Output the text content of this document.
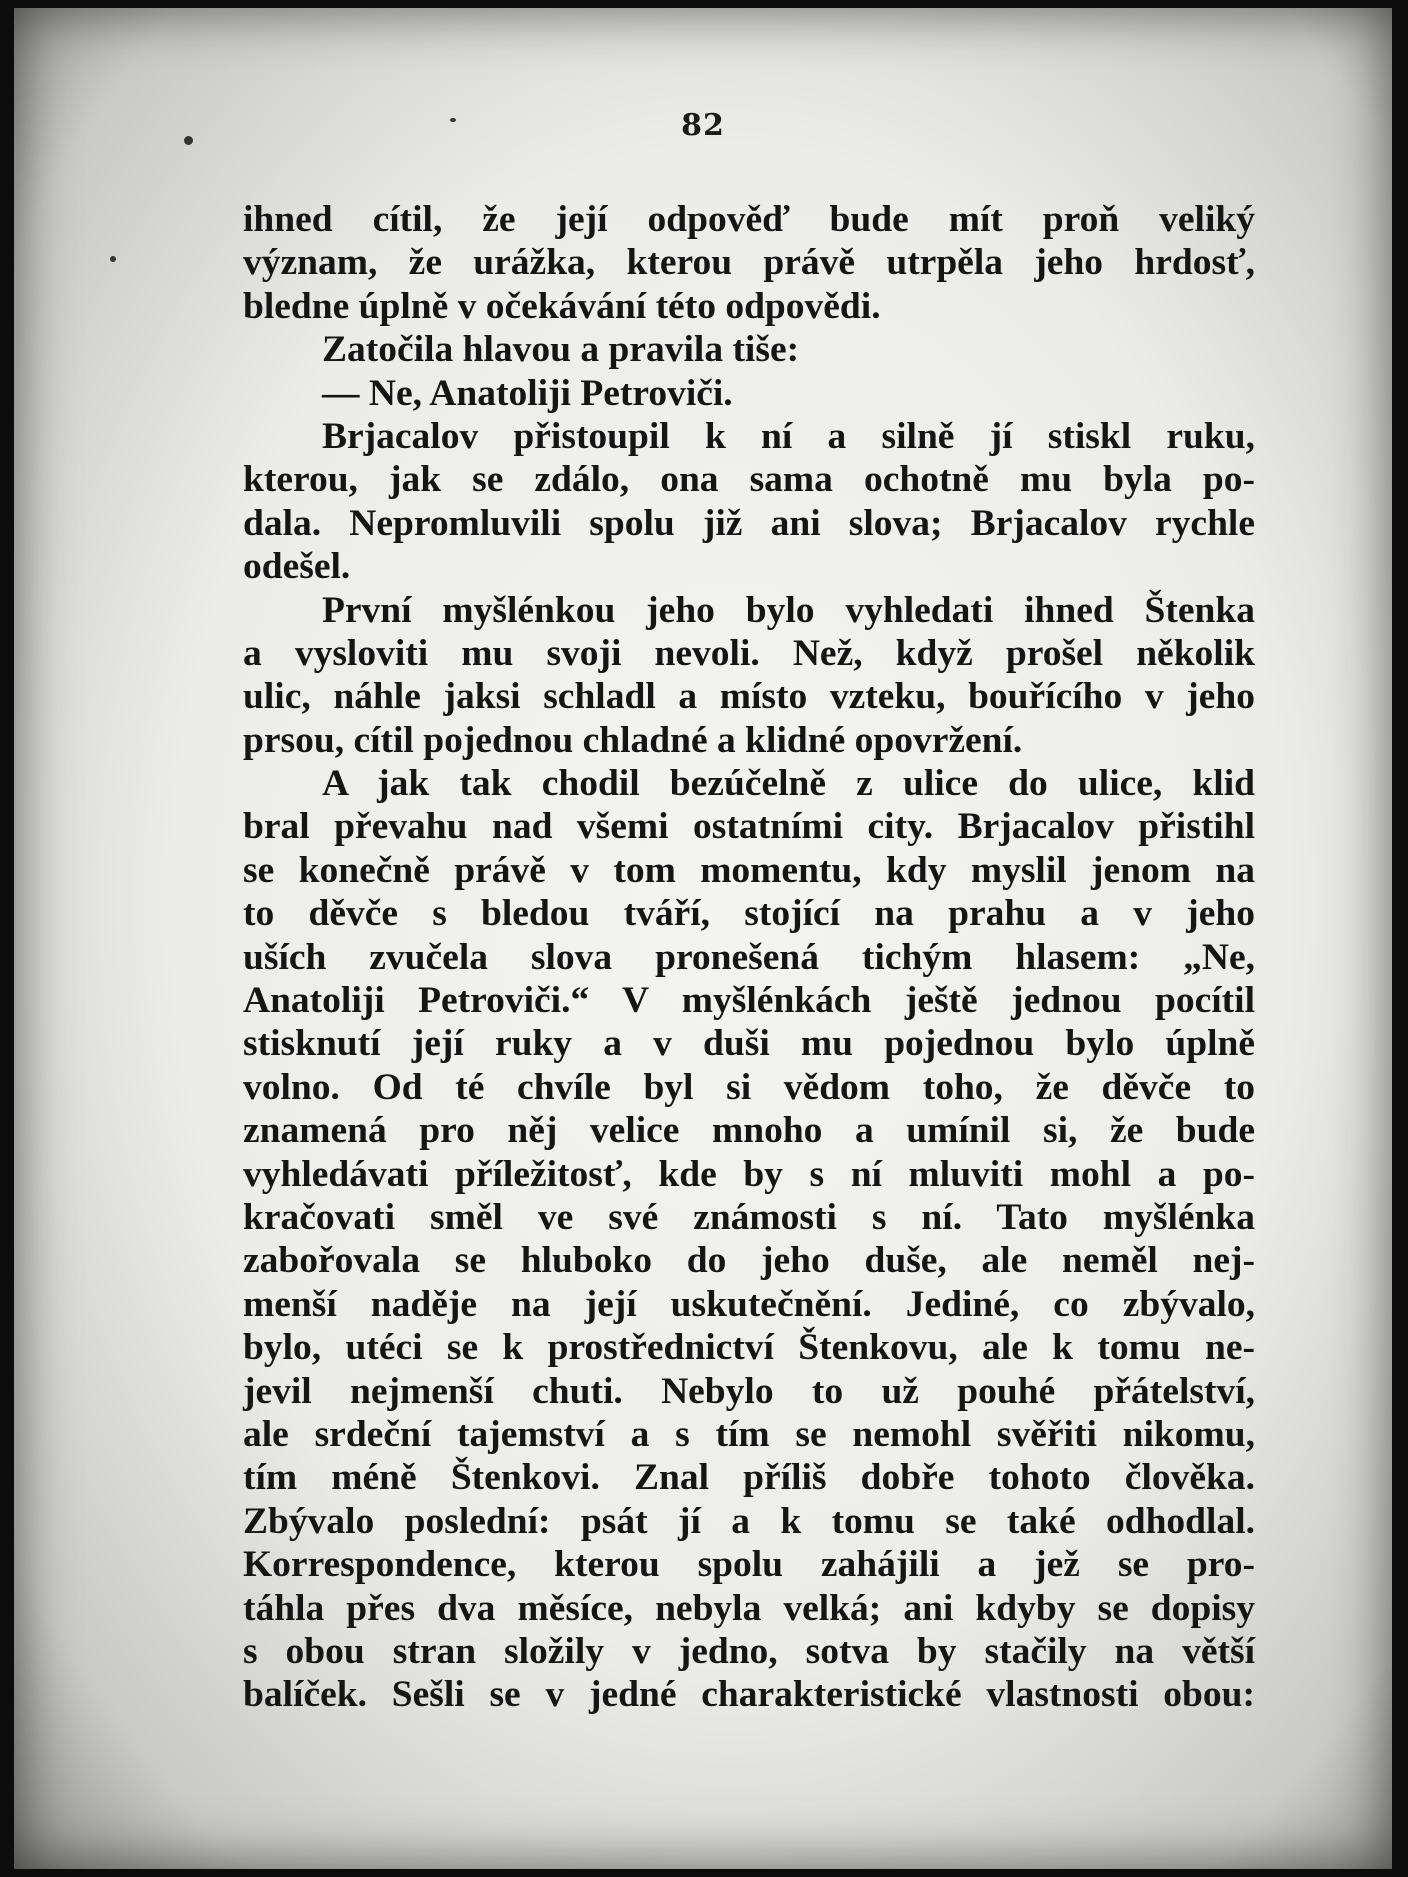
82
ihned cítil, že její odpověď bude mít proň veliký
význam, že urážka, kterou právě utrpěla jeho hrdosť,
bledne úplně v očekávání této odpovědi.
Zatočila hlavou a pravila tiše:
— Ne, Anatoliji Petroviči.
Brjacalov přistoupil k ní a silně jí stiskl ruku,
kterou, jak se zdálo, ona sama ochotně mu byla po-
dala. Nepromluvili spolu již ani slova; Brjacalov rychle
odešel.
První myšlénkou jeho bylo vyhledati ihned Štenka
a vysloviti mu svoji nevoli. Než, když prošel několik
ulic, náhle jaksi schladl a místo vzteku, bouřícího v jeho
prsou, cítil pojednou chladné a klidné opovržení.
A jak tak chodil bezúčelně z ulice do ulice, klid
bral převahu nad všemi ostatními city. Brjacalov přistihl
se konečně právě v tom momentu, kdy myslil jenom na
to děvče s bledou tváří, stojící na prahu a v jeho
uších zvučela slova pronešená tichým hlasem: „Ne,
Anatoliji Petroviči.“ V myšlénkách ještě jednou pocítil
stisknutí její ruky a v duši mu pojednou bylo úplně
volno. Od té chvíle byl si vědom toho, že děvče to
znamená pro něj velice mnoho a umínil si, že bude
vyhledávati příležitosť, kde by s ní mluviti mohl a po-
kračovati směl ve své známosti s ní. Tato myšlénka
zabořovala se hluboko do jeho duše, ale neměl nej-
menší naděje na její uskutečnění. Jediné, co zbývalo,
bylo, utéci se k prostřednictví Štenkovu, ale k tomu ne-
jevil nejmenší chuti. Nebylo to už pouhé přátelství,
ale srdeční tajemství a s tím se nemohl svěřiti nikomu,
tím méně Štenkovi. Znal příliš dobře tohoto člověka.
Zbývalo poslední: psát jí a k tomu se také odhodlal.
Korrespondence, kterou spolu zahájili a jež se pro-
táhla přes dva měsíce, nebyla velká; ani kdyby se dopisy
s obou stran složily v jedno, sotva by stačily na větší
balíček. Sešli se v jedné charakteristické vlastnosti obou:
